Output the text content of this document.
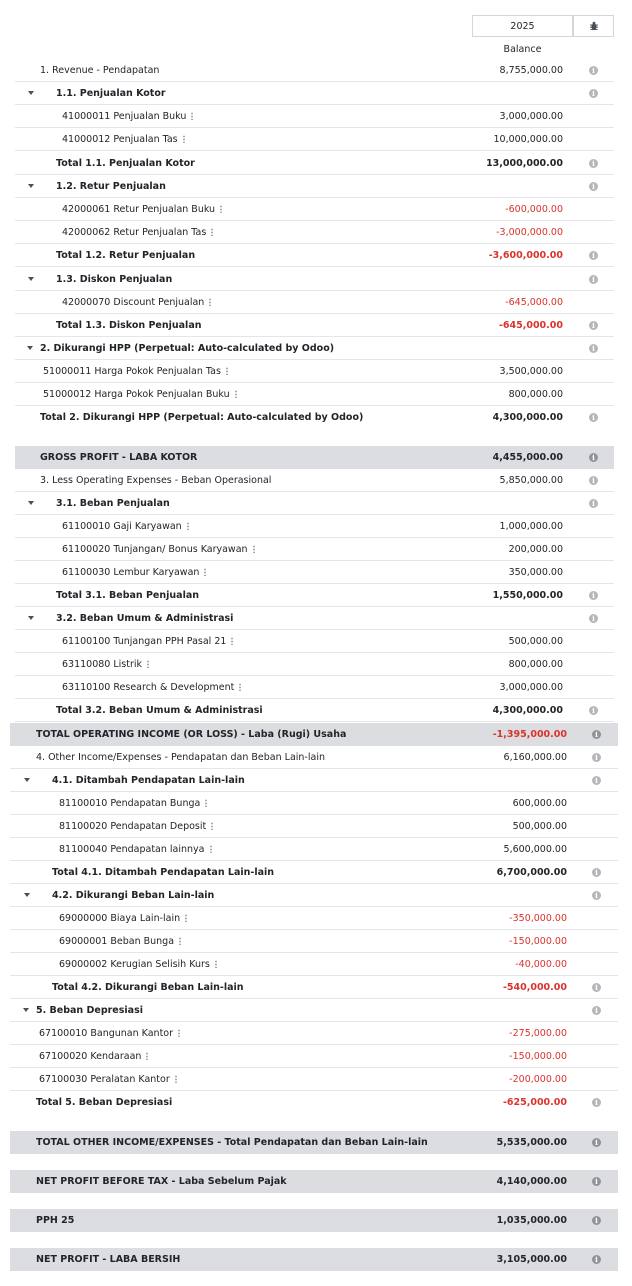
2025
Balance
1. Revenue - Pendapatan	8,755,000.00	i
1.1. Penjualan Kotor	i
41000011 Penjualan Buku	3,000,000.00
41000012 Penjualan Tas	10,000,000.00
Total 1.1. Penjualan Kotor	13,000,000.00	i
1.2. Retur Penjualan	i
42000061 Retur Penjualan Buku	-600,000.00
42000062 Retur Penjualan Tas	-3,000,000.00
Total 1.2. Retur Penjualan	-3,600,000.00	i
1.3. Diskon Penjualan	i
42000070 Discount Penjualan	-645,000.00
Total 1.3. Diskon Penjualan	-645,000.00	i
2. Dikurangi HPP (Perpetual: Auto-calculated by Odoo)	i
51000011 Harga Pokok Penjualan Tas	3,500,000.00
51000012 Harga Pokok Penjualan Buku	800,000.00
Total 2. Dikurangi HPP (Perpetual: Auto-calculated by Odoo)	4,300,000.00	i
GROSS PROFIT - LABA KOTOR	4,455,000.00	i
3. Less Operating Expenses - Beban Operasional	5,850,000.00	i
3.1. Beban Penjualan	i
61100010 Gaji Karyawan	1,000,000.00
61100020 Tunjangan/ Bonus Karyawan	200,000.00
61100030 Lembur Karyawan	350,000.00
Total 3.1. Beban Penjualan	1,550,000.00	i
3.2. Beban Umum & Administrasi	i
61100100 Tunjangan PPH Pasal 21	500,000.00
63110080 Listrik	800,000.00
63110100 Research & Development	3,000,000.00
Total 3.2. Beban Umum & Administrasi	4,300,000.00	i
TOTAL OPERATING INCOME (OR LOSS) - Laba (Rugi) Usaha	-1,395,000.00	i
4. Other Income/Expenses - Pendapatan dan Beban Lain-lain	6,160,000.00	i
4.1. Ditambah Pendapatan Lain-lain	i
81100010 Pendapatan Bunga	600,000.00
81100020 Pendapatan Deposit	500,000.00
81100040 Pendapatan lainnya	5,600,000.00
Total 4.1. Ditambah Pendapatan Lain-lain	6,700,000.00	i
4.2. Dikurangi Beban Lain-lain	i
69000000 Biaya Lain-lain	-350,000.00
69000001 Beban Bunga	-150,000.00
69000002 Kerugian Selisih Kurs	-40,000.00
Total 4.2. Dikurangi Beban Lain-lain	-540,000.00	i
5. Beban Depresiasi	i
67100010 Bangunan Kantor	-275,000.00
67100020 Kendaraan	-150,000.00
67100030 Peralatan Kantor	-200,000.00
Total 5. Beban Depresiasi	-625,000.00	i
TOTAL OTHER INCOME/EXPENSES - Total Pendapatan dan Beban Lain-lain	5,535,000.00	i
NET PROFIT BEFORE TAX - Laba Sebelum Pajak	4,140,000.00	i
PPH 25	1,035,000.00	i
NET PROFIT - LABA BERSIH	3,105,000.00	i
